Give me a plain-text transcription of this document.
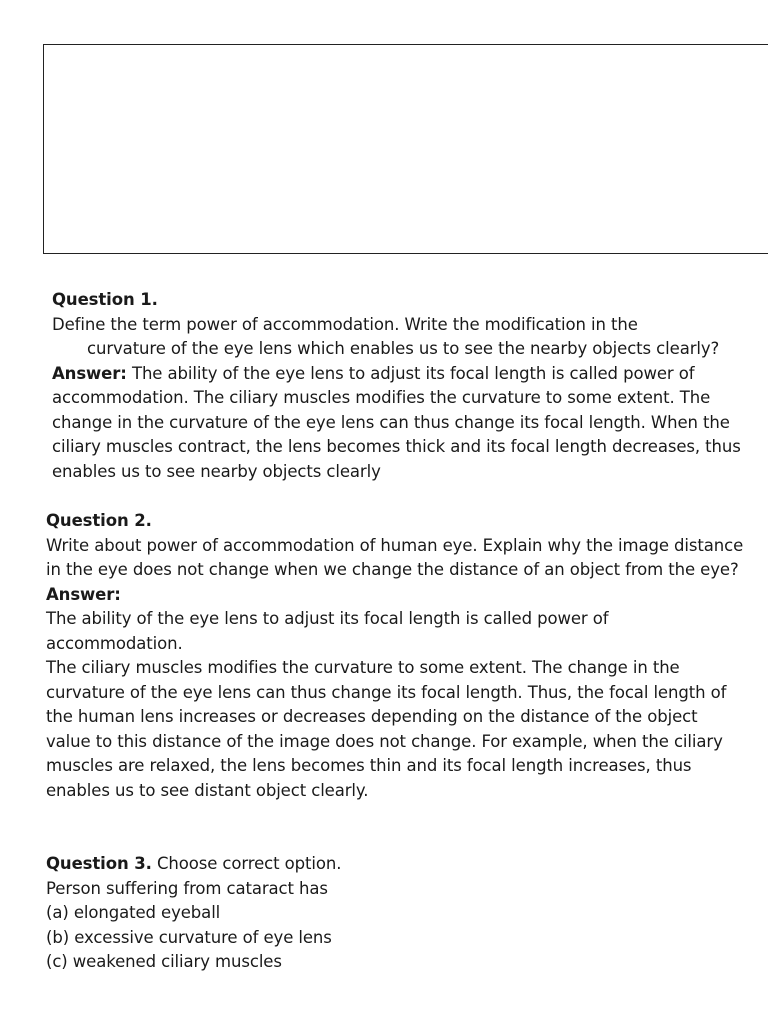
Question 1.

Define the term power of accommodation. Write the modification in the

curvature of the eye lens which enables us to see the nearby objects clearly?

Answer: The ability of the eye lens to adjust its focal length is called power of accommodation. The ciliary muscles modifies the curvature to some extent. The change in the curvature of the eye lens can thus change its focal length. When the ciliary muscles contract, the lens becomes thick and its focal length decreases, thus enables us to see nearby objects clearly

Question 2.

Write about power of accommodation of human eye. Explain why the image distance in the eye does not change when we change the distance of an object from the eye?

Answer:

The ability of the eye lens to adjust its focal length is called power of accommodation.

The ciliary muscles modifies the curvature to some extent. The change in the curvature of the eye lens can thus change its focal length. Thus, the focal length of the human lens increases or decreases depending on the distance of the object value to this distance of the image does not change. For example, when the ciliary muscles are relaxed, the lens becomes thin and its focal length increases, thus enables us to see distant object clearly.

Question 3. Choose correct option.

Person suffering from cataract has

(a) elongated eyeball

(b) excessive curvature of eye lens

(c) weakened ciliary muscles
